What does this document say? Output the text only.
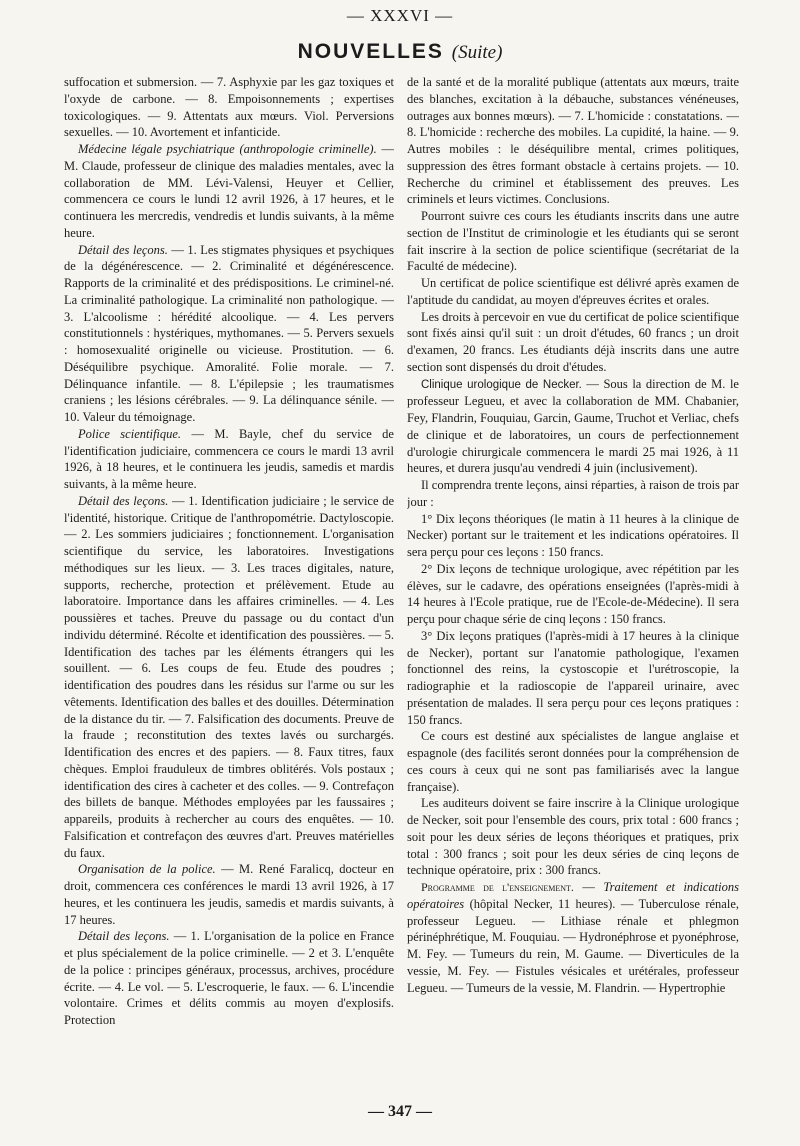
— XXXVI —
NOUVELLES (Suite)

suffocation et submersion. — 7. Asphyxie par les gaz toxiques et l'oxyde de carbone. — 8. Empoisonnements ; expertises toxicologiques. — 9. Attentats aux mœurs. Viol. Perversions sexuelles. — 10. Avortement et infanticide.

Médecine légale psychiatrique (anthropologie criminelle). — M. Claude, professeur de clinique des maladies mentales, avec la collaboration de MM. Lévi-Valensi, Heuyer et Cellier, commencera ce cours le lundi 12 avril 1926, à 17 heures, et le continuera les mercredis, vendredis et lundis suivants, à la même heure.

Détail des leçons. — 1. Les stigmates physiques et psychiques de la dégénérescence. — 2. Criminalité et dégénérescence. Rapports de la criminalité et des prédispositions. Le criminel-né. La criminalité pathologique. La criminalité non pathologique. — 3. L'alcoolisme : hérédité alcoolique. — 4. Les pervers constitutionnels : hystériques, mythomanes. — 5. Pervers sexuels : homosexualité originelle ou vicieuse. Prostitution. — 6. Déséquilibre psychique. Amoralité. Folie morale. — 7. Délinquance infantile. — 8. L'épilepsie ; les traumatismes craniens ; les lésions cérébrales. — 9. La délinquance sénile. — 10. Valeur du témoignage.

Police scientifique. — M. Bayle, chef du service de l'identification judiciaire, commencera ce cours le mardi 13 avril 1926, à 18 heures, et le continuera les jeudis, samedis et mardis suivants, à la même heure.

Détail des leçons. — 1. Identification judiciaire ; le service de l'identité, historique. Critique de l'anthropométrie. Dactyloscopie. — 2. Les sommiers judiciaires ; fonctionnement. L'organisation scientifique du service, les laboratoires. Investigations méthodiques sur les lieux. — 3. Les traces digitales, nature, supports, recherche, protection et prélèvement. Etude au laboratoire. Importance dans les affaires criminelles. — 4. Les poussières et taches. Preuve du passage ou du contact d'un individu déterminé. Récolte et identification des poussières. — 5. Identification des taches par les éléments étrangers qui les souillent. — 6. Les coups de feu. Etude des poudres ; identification des poudres dans les résidus sur l'arme ou sur les vêtements. Identification des balles et des douilles. Détermination de la distance du tir. — 7. Falsification des documents. Preuve de la fraude ; reconstitution des textes lavés ou surchargés. Identification des encres et des papiers. — 8. Faux titres, faux chèques. Emploi frauduleux de timbres oblitérés. Vols postaux ; identification des cires à cacheter et des colles. — 9. Contrefaçon des billets de banque. Méthodes employées par les faussaires ; appareils, produits à rechercher au cours des enquêtes. — 10. Falsification et contrefaçon des œuvres d'art. Preuves matérielles du faux.

Organisation de la police. — M. René Faralicq, docteur en droit, commencera ces conférences le mardi 13 avril 1926, à 17 heures, et les continuera les jeudis, samedis et mardis suivants, à 17 heures.

Détail des leçons. — 1. L'organisation de la police en France et plus spécialement de la police criminelle. — 2 et 3. L'enquête de la police : principes généraux, processus, archives, procédure écrite. — 4. Le vol. — 5. L'escroquerie, le faux. — 6. L'incendie volontaire. Crimes et délits commis au moyen d'explosifs. Protection

de la santé et de la moralité publique (attentats aux mœurs, traite des blanches, excitation à la débauche, substances vénéneuses, outrages aux bonnes mœurs). — 7. L'homicide : constatations. — 8. L'homicide : recherche des mobiles. La cupidité, la haine. — 9. Autres mobiles : le déséquilibre mental, crimes politiques, suppression des êtres formant obstacle à certains projets. — 10. Recherche du criminel et établissement des preuves. Les criminels et leurs victimes. Conclusions.

Pourront suivre ces cours les étudiants inscrits dans une autre section de l'Institut de criminologie et les étudiants qui se seront fait inscrire à la section de police scientifique (secrétariat de la Faculté de médecine).

Un certificat de police scientifique est délivré après examen de l'aptitude du candidat, au moyen d'épreuves écrites et orales.

Les droits à percevoir en vue du certificat de police scientifique sont fixés ainsi qu'il suit : un droit d'études, 60 francs ; un droit d'examen, 20 francs. Les étudiants déjà inscrits dans une autre section sont dispensés du droit d'études.

Clinique urologique de Necker. — Sous la direction de M. le professeur Legueu, et avec la collaboration de MM. Chabanier, Fey, Flandrin, Fouquiau, Garcin, Gaume, Truchot et Verliac, chefs de clinique et de laboratoires, un cours de perfectionnement d'urologie chirurgicale commencera le mardi 25 mai 1926, à 11 heures, et durera jusqu'au vendredi 4 juin (inclusivement).

Il comprendra trente leçons, ainsi réparties, à raison de trois par jour :

1° Dix leçons théoriques (le matin à 11 heures à la clinique de Necker) portant sur le traitement et les indications opératoires. Il sera perçu pour ces leçons : 150 francs.

2° Dix leçons de technique urologique, avec répétition par les élèves, sur le cadavre, des opérations enseignées (l'après-midi à 14 heures à l'Ecole pratique, rue de l'Ecole-de-Médecine). Il sera perçu pour chaque série de cinq leçons : 150 francs.

3° Dix leçons pratiques (l'après-midi à 17 heures à la clinique de Necker), portant sur l'anatomie pathologique, l'examen fonctionnel des reins, la cystoscopie et l'urétroscopie, la radiographie et la radioscopie de l'appareil urinaire, avec présentation de malades. Il sera perçu pour ces leçons pratiques : 150 francs.

Ce cours est destiné aux spécialistes de langue anglaise et espagnole (des facilités seront données pour la compréhension de ces cours à ceux qui ne sont pas familiarisés avec la langue française).

Les auditeurs doivent se faire inscrire à la Clinique urologique de Necker, soit pour l'ensemble des cours, prix total : 600 francs ; soit pour les deux séries de leçons théoriques et pratiques, prix total : 300 francs ; soit pour les deux séries de cinq leçons de technique opératoire, prix : 300 francs.

Programme de l'enseignement. — Traitement et indications opératoires (hôpital Necker, 11 heures). — Tuberculose rénale, professeur Legueu. — Lithiase rénale et phlegmon périnéphrétique, M. Fouquiau. — Hydronéphrose et pyonéphrose, M. Fey. — Tumeurs du rein, M. Gaume. — Diverticules de la vessie, M. Fey. — Fistules vésicales et urétérales, professeur Legueu. — Tumeurs de la vessie, M. Flandrin. — Hypertrophie

— 347 —
